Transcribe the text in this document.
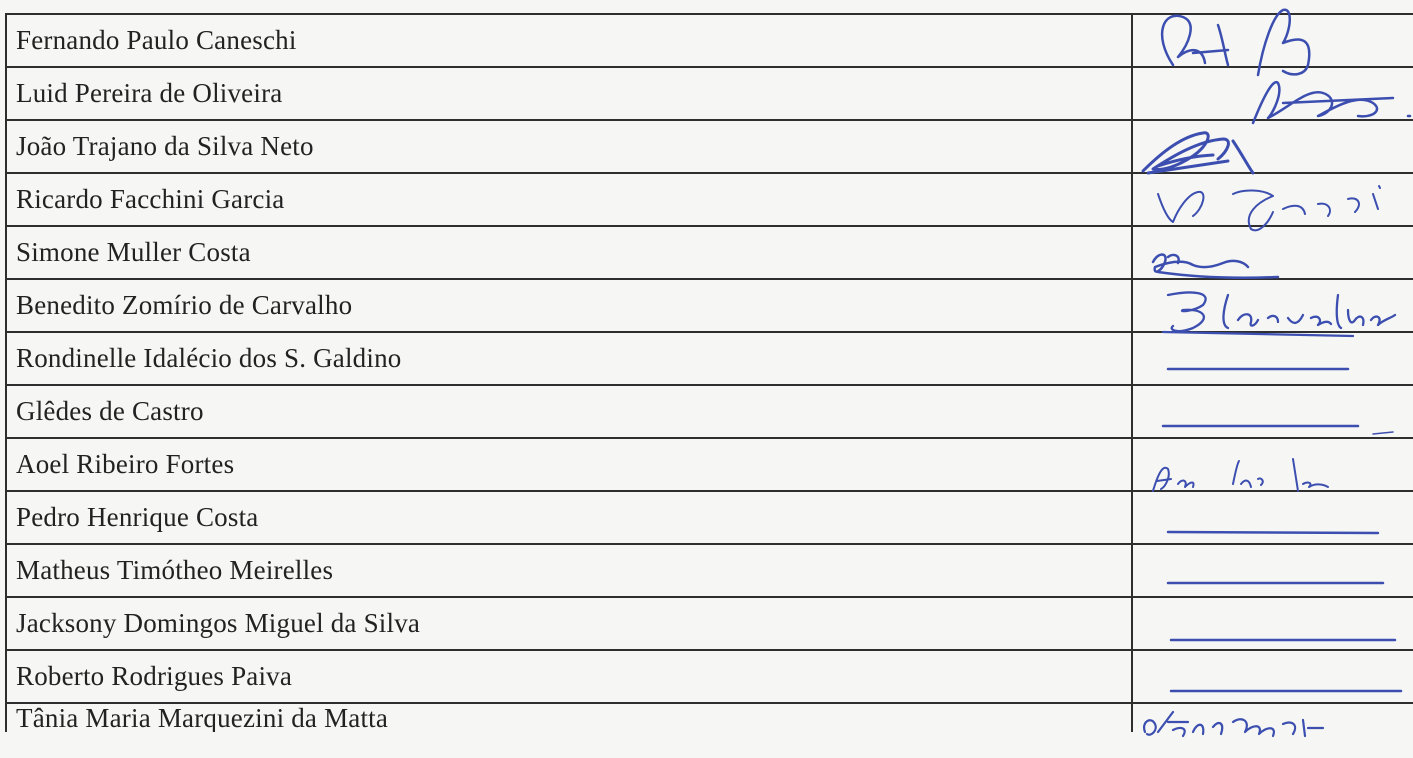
Fernando Paulo Caneschi	

Luid Pereira de Oliveira	

João Trajano da Silva Neto	

Ricardo Facchini Garcia	

Simone Muller Costa	

Benedito Zomírio de Carvalho	

Rondinelle Idalécio dos S. Galdino	

Glêdes de Castro	

Aoel Ribeiro Fortes	

Pedro Henrique Costa	

Matheus Timótheo Meirelles	

Jacksony Domingos Miguel da Silva	

Roberto Rodrigues Paiva	

Tânia Maria Marquezini da Matta	
